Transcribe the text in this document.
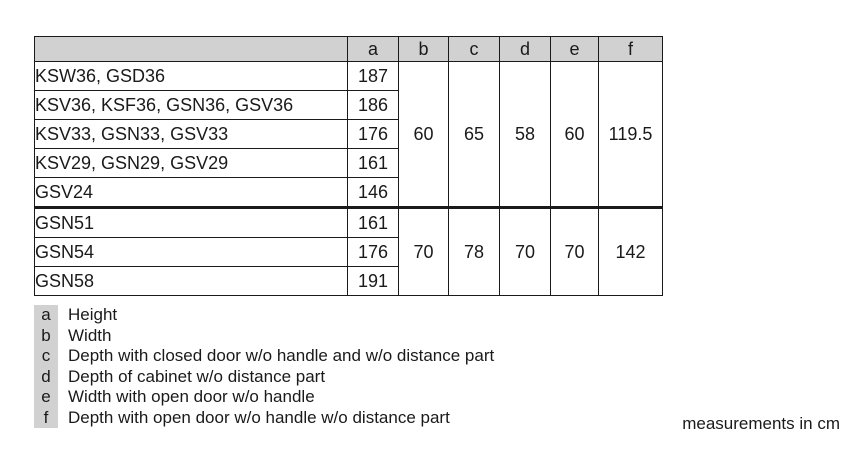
	a	b	c	d	e	f
KSW36, GSD36	187	60	65	58	60	119.5
KSV36, KSF36, GSN36, GSV36	186					
KSV33, GSN33, GSV33	176					
KSV29, GSN29, GSV29	161					
GSV24	146					
GSN51	161	70	78	70	70	142
GSN54	176					
GSN58	191					
a	Height
b	Width
c	Depth with closed door w/o handle and w/o distance part
d	Depth of cabinet w/o distance part
e	Width with open door w/o handle
f	Depth with open door w/o handle w/o distance part	measurements in cm
